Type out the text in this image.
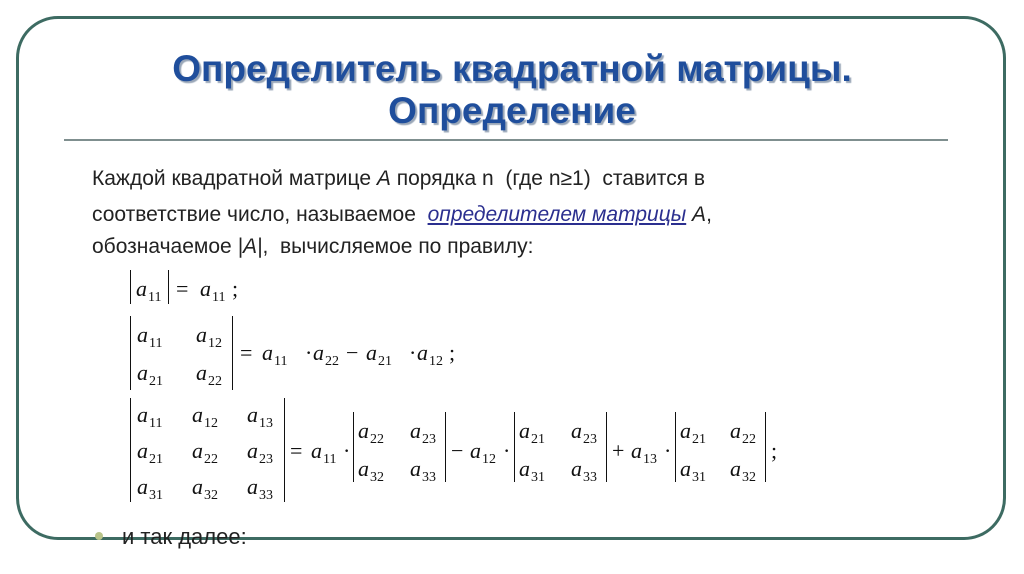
Определитель квадратной матрицы.
Определение
Каждой квадратной матрице A порядка n  (где n≥1)  ставится в
соответствие число, называемое  определителем матрицы A,
обозначаемое |A|,  вычисляемое по правилу:
$a_{11} = a_{11}$ ;
$a_{11}$ $a_{12}$
$a_{21}$ $a_{22}$
= $a_{11} \cdot a_{22} - a_{21} \cdot a_{12}$ ;
$a_{11}$ $a_{12}$ $a_{13}$
$a_{21}$ $a_{22}$ $a_{23}$
$a_{31}$ $a_{32}$ $a_{33}$
= $a_{11}$ ·
$a_{22}$ $a_{23}$
$a_{32}$ $a_{33}$
− $a_{12}$ ·
$a_{21}$ $a_{23}$
$a_{31}$ $a_{33}$
+ $a_{13}$ ·
$a_{21}$ $a_{22}$
$a_{31}$ $a_{32}$
;
и так далее:
